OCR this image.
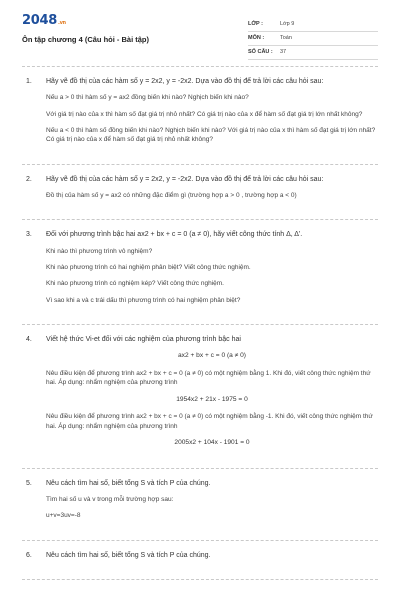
2048.vn
Ôn tập chương 4 (Câu hỏi - Bài tập)
LỚP :	Lớp 9
MÔN :	Toán
SỐ CÂU :	37
1. Hãy vẽ đồ thị của các hàm số y = 2x2, y = -2x2. Dựa vào đồ thị để trả lời các câu hỏi sau:
Nếu a > 0 thì hàm số y = ax2 đồng biến khi nào? Nghịch biến khi nào?
Với giá trị nào của x thì hàm số đạt giá trị nhỏ nhất? Có giá trị nào của x để hàm số đạt giá trị lớn nhất không?
Nếu a < 0 thì hàm số đồng biến khi nào? Nghịch biến khi nào? Với giá trị nào của x thì hàm số đạt giá trị lớn nhất? Có giá trị nào của x để hàm số đạt giá trị nhỏ nhất không?
2. Hãy vẽ đồ thị của các hàm số y = 2x2, y = -2x2. Dựa vào đồ thị để trả lời các câu hỏi sau:
Đồ thị của hàm số y = ax2 có những đặc điểm gì (trường hợp a > 0 , trường hợp a < 0)
3. Đối với phương trình bậc hai ax2 + bx + c = 0 (a ≠ 0), hãy viết công thức tính Δ, Δ'.
Khi nào thì phương trình vô nghiệm?
Khi nào phương trình có hai nghiệm phân biệt? Viết công thức nghiệm.
Khi nào phương trình có nghiệm kép? Viết công thức nghiệm.
Vì sao khi a và c trái dấu thì phương trình có hai nghiệm phân biệt?
4. Viết hệ thức Vi-et đối với các nghiệm của phương trình bậc hai
ax2 + bx + c = 0 (a ≠ 0)
Nêu điều kiện để phương trình ax2 + bx + c = 0 (a ≠ 0) có một nghiệm bằng 1. Khi đó, viết công thức nghiệm thứ hai. Áp dụng: nhẩm nghiệm của phương trình
1954x2 + 21x - 1975 = 0
Nêu điều kiện để phương trình ax2 + bx + c = 0 (a ≠ 0) có một nghiệm bằng -1. Khi đó, viết công thức nghiệm thứ hai. Áp dụng: nhẩm nghiệm của phương trình
2005x2 + 104x - 1901 = 0
5. Nêu cách tìm hai số, biết tổng S và tích P của chúng.
Tìm hai số u và v trong mỗi trường hợp sau:
u+v=3uv=-8
6. Nêu cách tìm hai số, biết tổng S và tích P của chúng.
